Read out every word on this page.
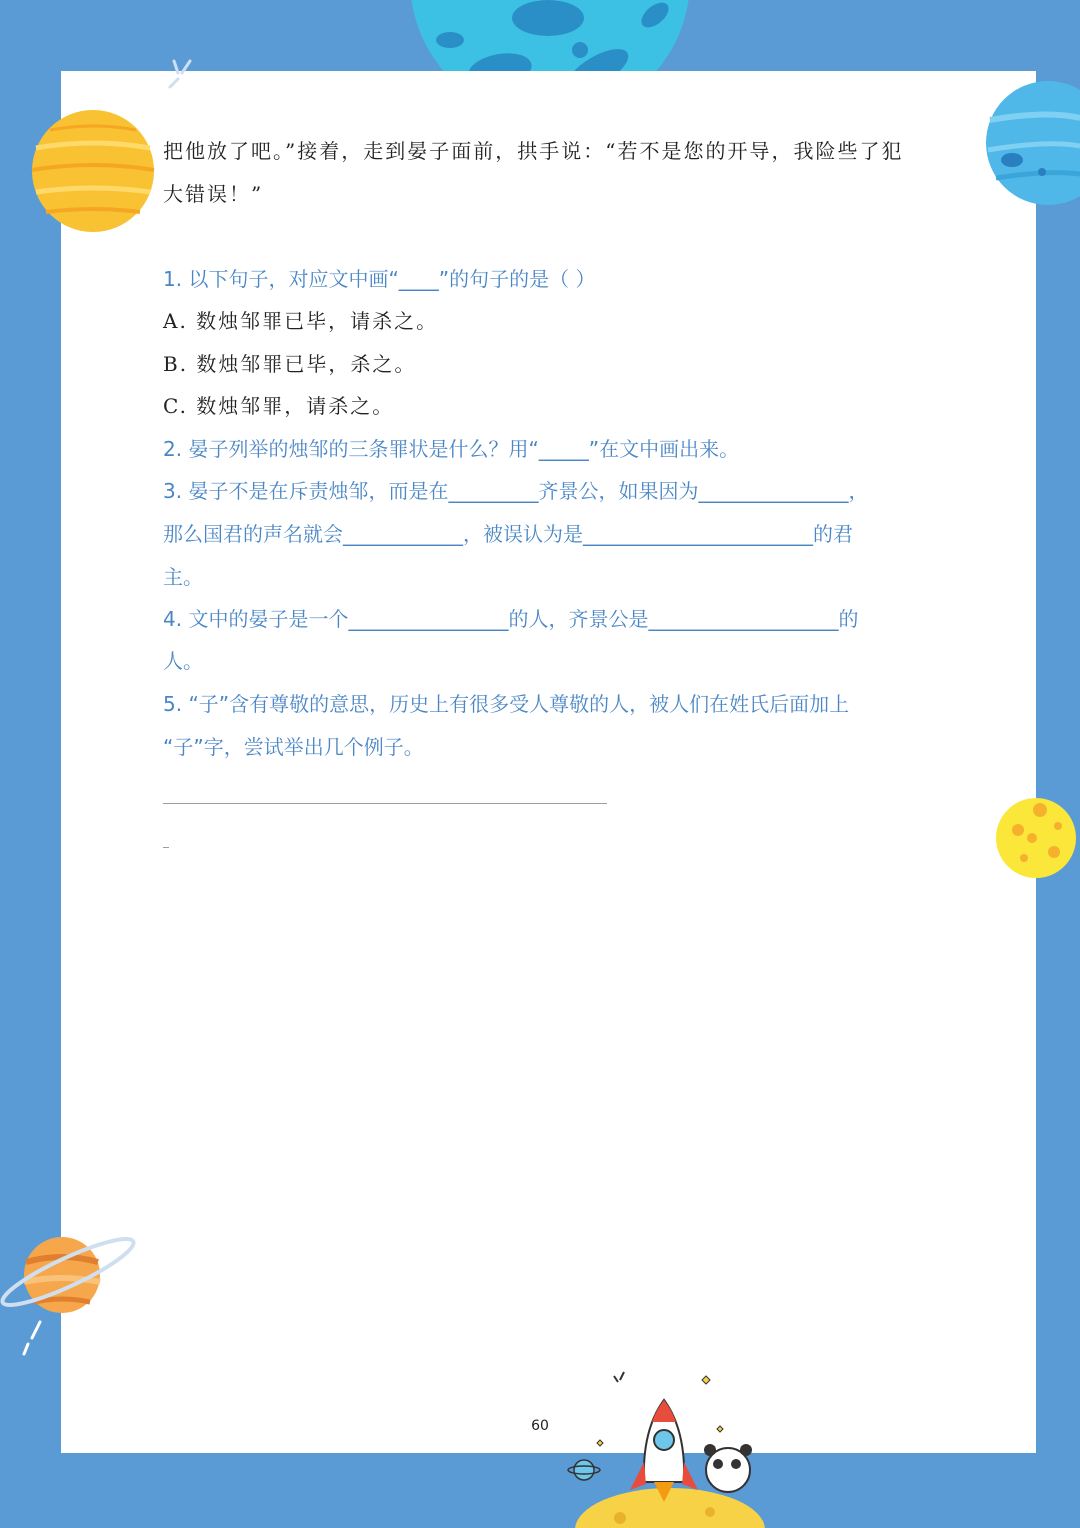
把他放了吧。”接着，走到晏子面前，拱手说：“若不是您的开导，我险些了犯

大错误！”

1. 以下句子，对应文中画“____”的句子的是（ ）

A. 数烛邹罪已毕，请杀之。

B. 数烛邹罪已毕，杀之。

C. 数烛邹罪，请杀之。

2. 晏子列举的烛邹的三条罪状是什么？用“_____”在文中画出来。

3. 晏子不是在斥责烛邹，而是在_________齐景公，如果因为_______________，

那么国君的声名就会____________，被误认为是_______________________的君

主。

4. 文中的晏子是一个________________的人，齐景公是___________________的

人。

5. “子”含有尊敬的意思，历史上有很多受人尊敬的人，被人们在姓氏后面加上

“子”字，尝试举出几个例子。

__________________________________________________________________________

_

60
